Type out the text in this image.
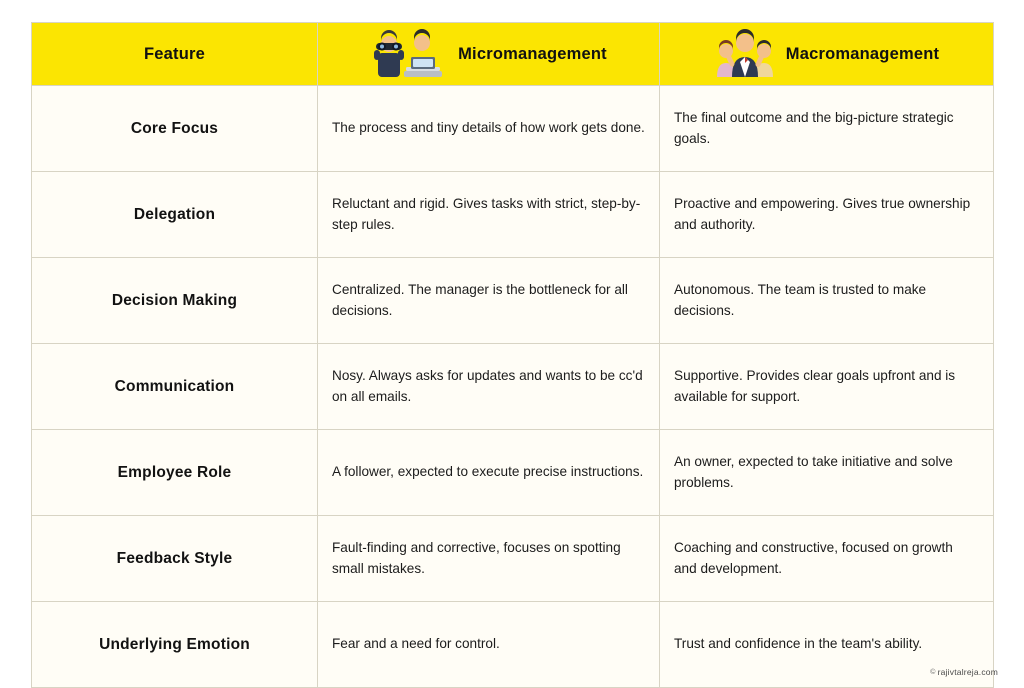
Feature	Micromanagement	Macromanagement

Core Focus	The process and tiny details of how work gets done.	The final outcome and the big-picture strategic goals.
Delegation	Reluctant and rigid. Gives tasks with strict, step-by-step rules.	Proactive and empowering. Gives true ownership and authority.
Decision Making	Centralized. The manager is the bottleneck for all decisions.	Autonomous. The team is trusted to make decisions.
Communication	Nosy. Always asks for updates and wants to be cc'd on all emails.	Supportive. Provides clear goals upfront and is available for support.
Employee Role	A follower, expected to execute precise instructions.	An owner, expected to take initiative and solve problems.
Feedback Style	Fault-finding and corrective, focuses on spotting small mistakes.	Coaching and constructive, focused on growth and development.
Underlying Emotion	Fear and a need for control.	Trust and confidence in the team's ability.
© rajivtalreja.com
